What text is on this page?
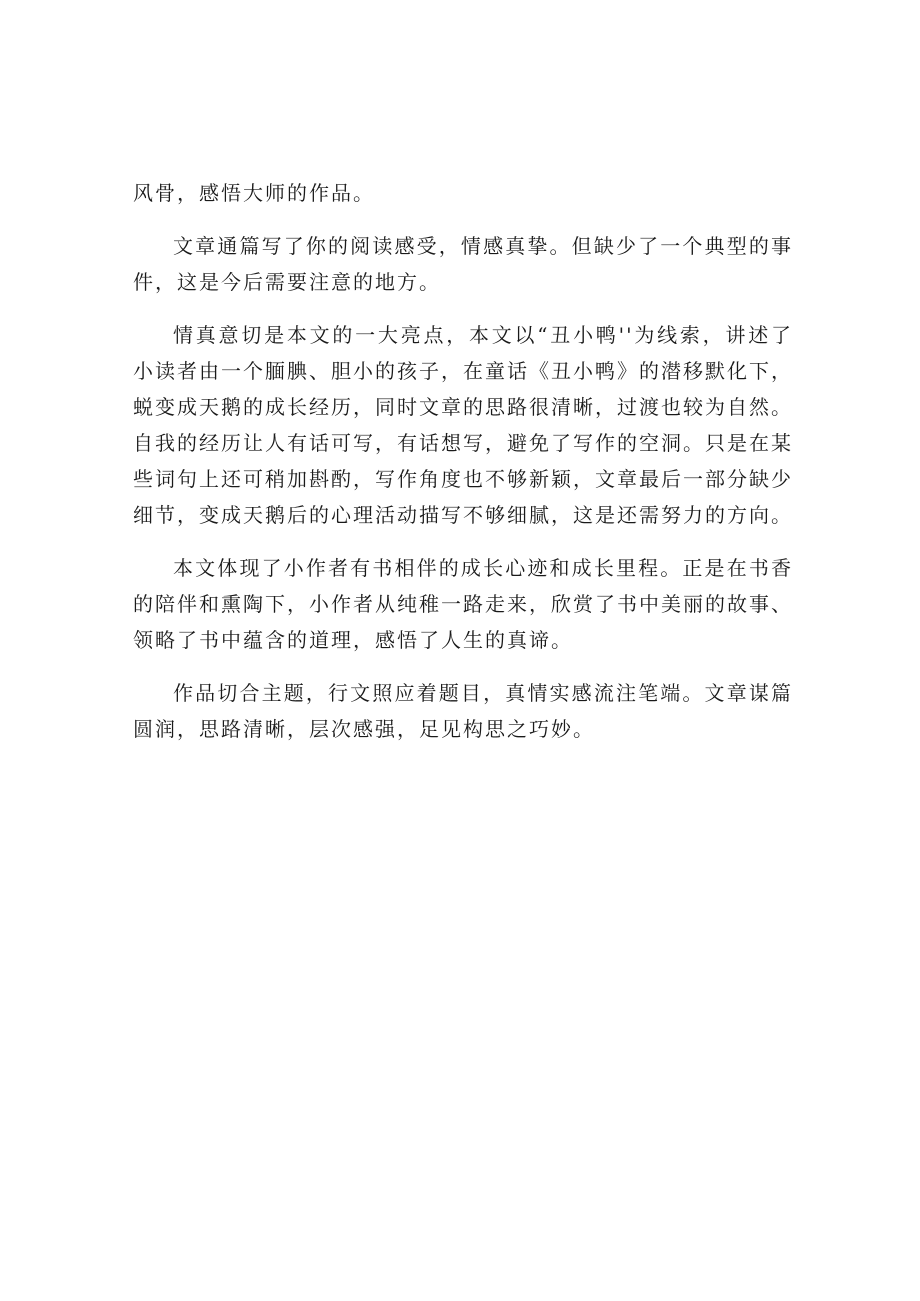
风骨，感悟大师的作品。

文章通篇写了你的阅读感受，情感真挚。但缺少了一个典型的事件，这是今后需要注意的地方。

情真意切是本文的一大亮点，本文以“丑小鸭''为线索，讲述了小读者由一个腼腆、胆小的孩子，在童话《丑小鸭》的潜移默化下，蜕变成天鹅的成长经历，同时文章的思路很清晰，过渡也较为自然。自我的经历让人有话可写，有话想写，避免了写作的空洞。只是在某些词句上还可稍加斟酌，写作角度也不够新颖，文章最后一部分缺少细节，变成天鹅后的心理活动描写不够细腻，这是还需努力的方向。

本文体现了小作者有书相伴的成长心迹和成长里程。正是在书香的陪伴和熏陶下，小作者从纯稚一路走来，欣赏了书中美丽的故事、领略了书中蕴含的道理，感悟了人生的真谛。

作品切合主题，行文照应着题目，真情实感流注笔端。文章谋篇圆润，思路清晰，层次感强，足见构思之巧妙。
